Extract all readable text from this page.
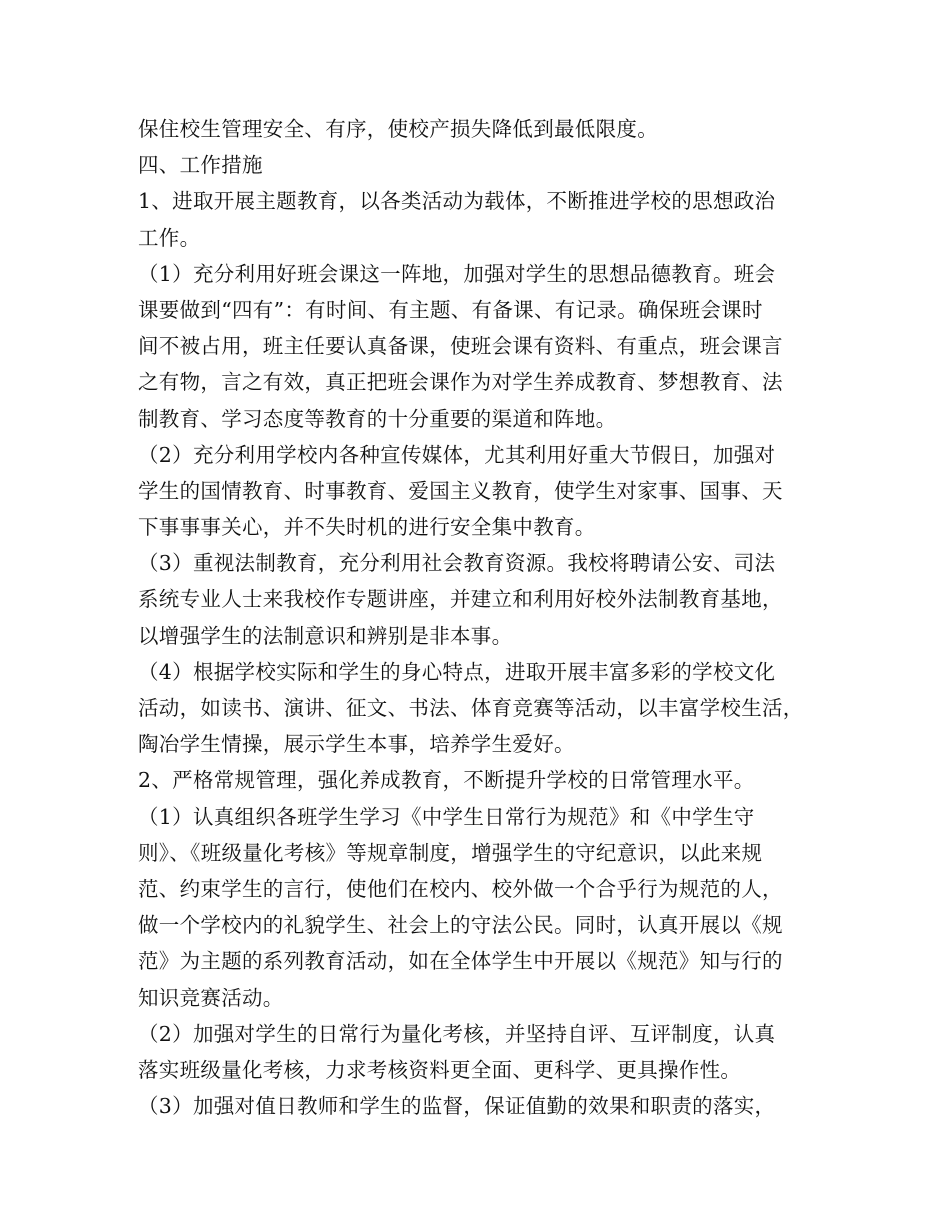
保住校生管理安全、有序，使校产损失降低到最低限度。
四、工作措施
1、进取开展主题教育，以各类活动为载体，不断推进学校的思想政治
工作。
（1）充分利用好班会课这一阵地，加强对学生的思想品德教育。班会
课要做到“四有”：有时间、有主题、有备课、有记录。确保班会课时
间不被占用，班主任要认真备课，使班会课有资料、有重点，班会课言
之有物，言之有效，真正把班会课作为对学生养成教育、梦想教育、法
制教育、学习态度等教育的十分重要的渠道和阵地。
（2）充分利用学校内各种宣传媒体，尤其利用好重大节假日，加强对
学生的国情教育、时事教育、爱国主义教育，使学生对家事、国事、天
下事事事关心，并不失时机的进行安全集中教育。
（3）重视法制教育，充分利用社会教育资源。我校将聘请公安、司法
系统专业人士来我校作专题讲座，并建立和利用好校外法制教育基地，
以增强学生的法制意识和辨别是非本事。
（4）根据学校实际和学生的身心特点，进取开展丰富多彩的学校文化
活动，如读书、演讲、征文、书法、体育竞赛等活动，以丰富学校生活，
陶冶学生情操，展示学生本事，培养学生爱好。
2、严格常规管理，强化养成教育，不断提升学校的日常管理水平。
（1）认真组织各班学生学习《中学生日常行为规范》和《中学生守
则》、《班级量化考核》等规章制度，增强学生的守纪意识，以此来规
范、约束学生的言行，使他们在校内、校外做一个合乎行为规范的人，
做一个学校内的礼貌学生、社会上的守法公民。同时，认真开展以《规
范》为主题的系列教育活动，如在全体学生中开展以《规范》知与行的
知识竞赛活动。
（2）加强对学生的日常行为量化考核，并坚持自评、互评制度，认真
落实班级量化考核，力求考核资料更全面、更科学、更具操作性。
（3）加强对值日教师和学生的监督，保证值勤的效果和职责的落实，
